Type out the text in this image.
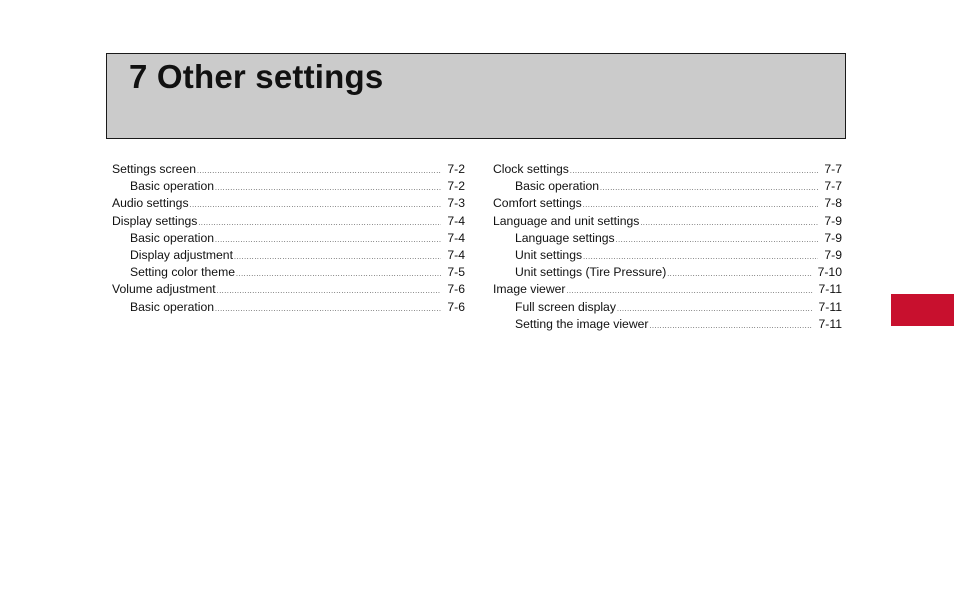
7 Other settings
Settings screen .....	7-2
Basic operation .....	7-2
Audio settings .....	7-3
Display settings .....	7-4
Basic operation .....	7-4
Display adjustment .....	7-4
Setting color theme .....	7-5
Volume adjustment .....	7-6
Basic operation .....	7-6
Clock settings .....	7-7
Basic operation .....	7-7
Comfort settings .....	7-8
Language and unit settings .....	7-9
Language settings .....	7-9
Unit settings .....	7-9
Unit settings (Tire Pressure) .....	7-10
Image viewer .....	7-11
Full screen display .....	7-11
Setting the image viewer .....	7-11
